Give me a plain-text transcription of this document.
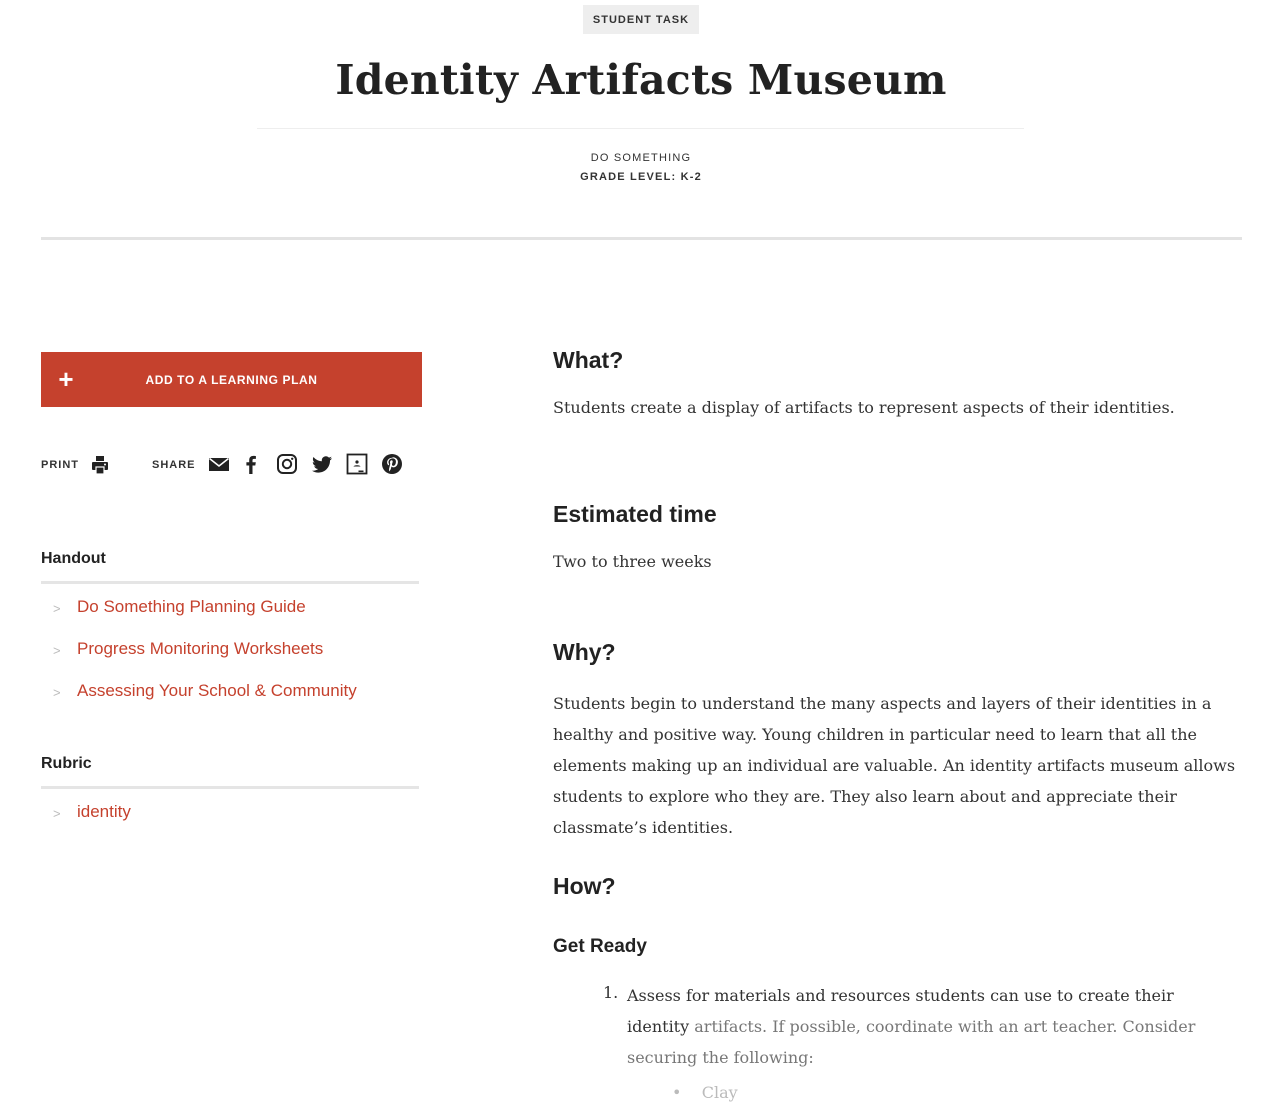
STUDENT TASK
Identity Artifacts Museum
DO SOMETHING
GRADE LEVEL: K-2
+	ADD TO A LEARNING PLAN
PRINT	SHARE
Handout
> Do Something Planning Guide
> Progress Monitoring Worksheets
> Assessing Your School & Community
Rubric
> identity
What?
Students create a display of artifacts to represent aspects of their identities.
Estimated time
Two to three weeks
Why?
Students begin to understand the many aspects and layers of their identities in a healthy and positive way. Young children in particular need to learn that all the elements making up an individual are valuable. An identity artifacts museum allows students to explore who they are. They also learn about and appreciate their classmate’s identities.
How?
Get Ready
1. Assess for materials and resources students can use to create their identity artifacts. If possible, coordinate with an art teacher. Consider securing the following:
• Clay
